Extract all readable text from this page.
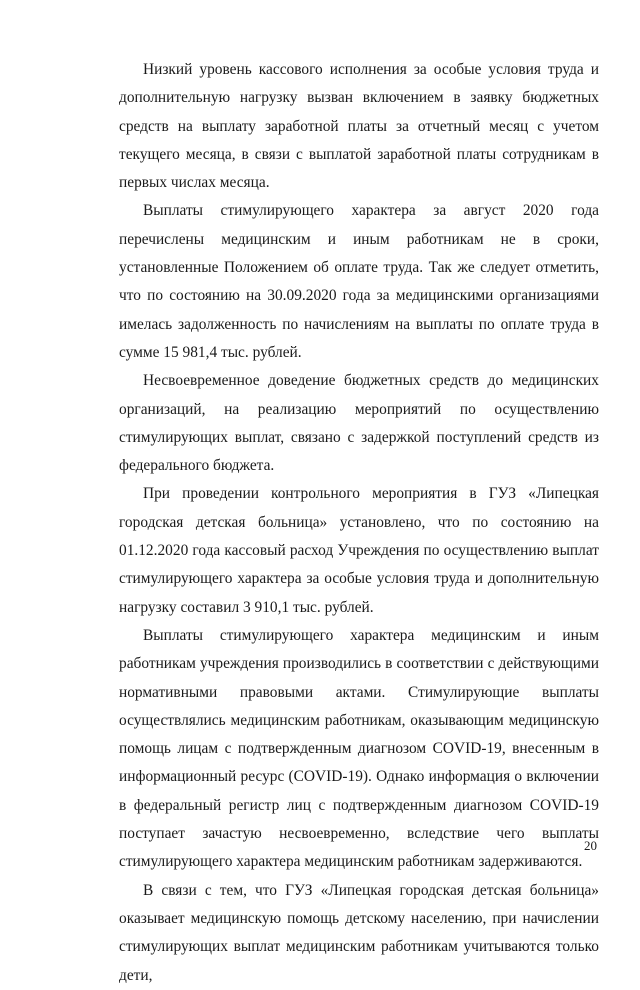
Низкий уровень кассового исполнения за особые условия труда и дополнительную нагрузку вызван включением в заявку бюджетных средств на выплату заработной платы за отчетный месяц с учетом текущего месяца, в связи с выплатой заработной платы сотрудникам в первых числах месяца.

Выплаты стимулирующего характера за август 2020 года перечислены медицинским и иным работникам не в сроки, установленные Положением об оплате труда. Так же следует отметить, что по состоянию на 30.09.2020 года за медицинскими организациями имелась задолженность по начислениям на выплаты по оплате труда в сумме 15 981,4 тыс. рублей.

Несвоевременное доведение бюджетных средств до медицинских организаций, на реализацию мероприятий по осуществлению стимулирующих выплат, связано с задержкой поступлений средств из федерального бюджета.

При проведении контрольного мероприятия в ГУЗ «Липецкая городская детская больница» установлено, что по состоянию на 01.12.2020 года кассовый расход Учреждения по осуществлению выплат стимулирующего характера за особые условия труда и дополнительную нагрузку составил 3 910,1 тыс. рублей.

Выплаты стимулирующего характера медицинским и иным работникам учреждения производились в соответствии с действующими нормативными правовыми актами. Стимулирующие выплаты осуществлялись медицинским работникам, оказывающим медицинскую помощь лицам с подтвержденным диагнозом COVID-19, внесенным в информационный ресурс (COVID-19). Однако информация о включении в федеральный регистр лиц с подтвержденным диагнозом COVID-19 поступает зачастую несвоевременно, вследствие чего выплаты стимулирующего характера медицинским работникам задерживаются.

В связи с тем, что ГУЗ «Липецкая городская детская больница» оказывает медицинскую помощь детскому населению, при начислении стимулирующих выплат медицинским работникам учитываются только дети,

20
